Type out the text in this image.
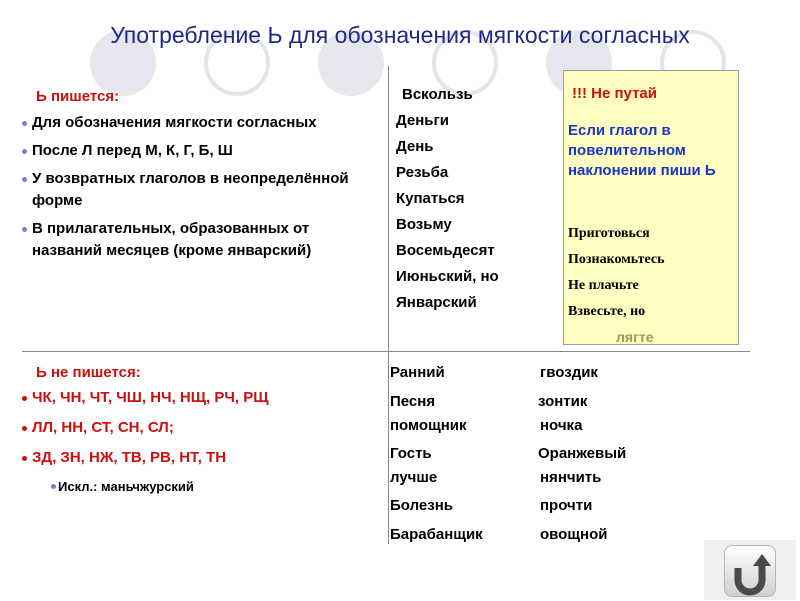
Употребление Ь для обозначения мягкости согласных
Ь пишется:
Для обозначения мягкости согласных
После Л перед М, К, Г, Б, Ш
У возвратных глаголов в неопределённой форме
В прилагательных, образованных от названий месяцев (кроме январский)
Ь не пишется:
ЧК, ЧН, ЧТ, ЧШ, НЧ, НЩ, РЧ, РЩ
ЛЛ, НН, СТ, СН, СЛ;
ЗД, ЗН, НЖ, ТВ, РВ, НТ, ТН
Искл.: маньчжурский
Вскользь
Деньги
День
Резьба
Купаться
Возьму
Восемьдесят
Июньский, но
Январский
!!! Не путай
Если глагол в повелительном наклонении пиши Ь
Приготовься
Познакомьтесь
Не плачьте
Взвесьте, но
лягте
Ранний
Песня
помощник
Гость
лучше
Болезнь
Барабанщик
гвоздик
зонтик
ночка
Оранжевый
нянчить
прочти
овощной
